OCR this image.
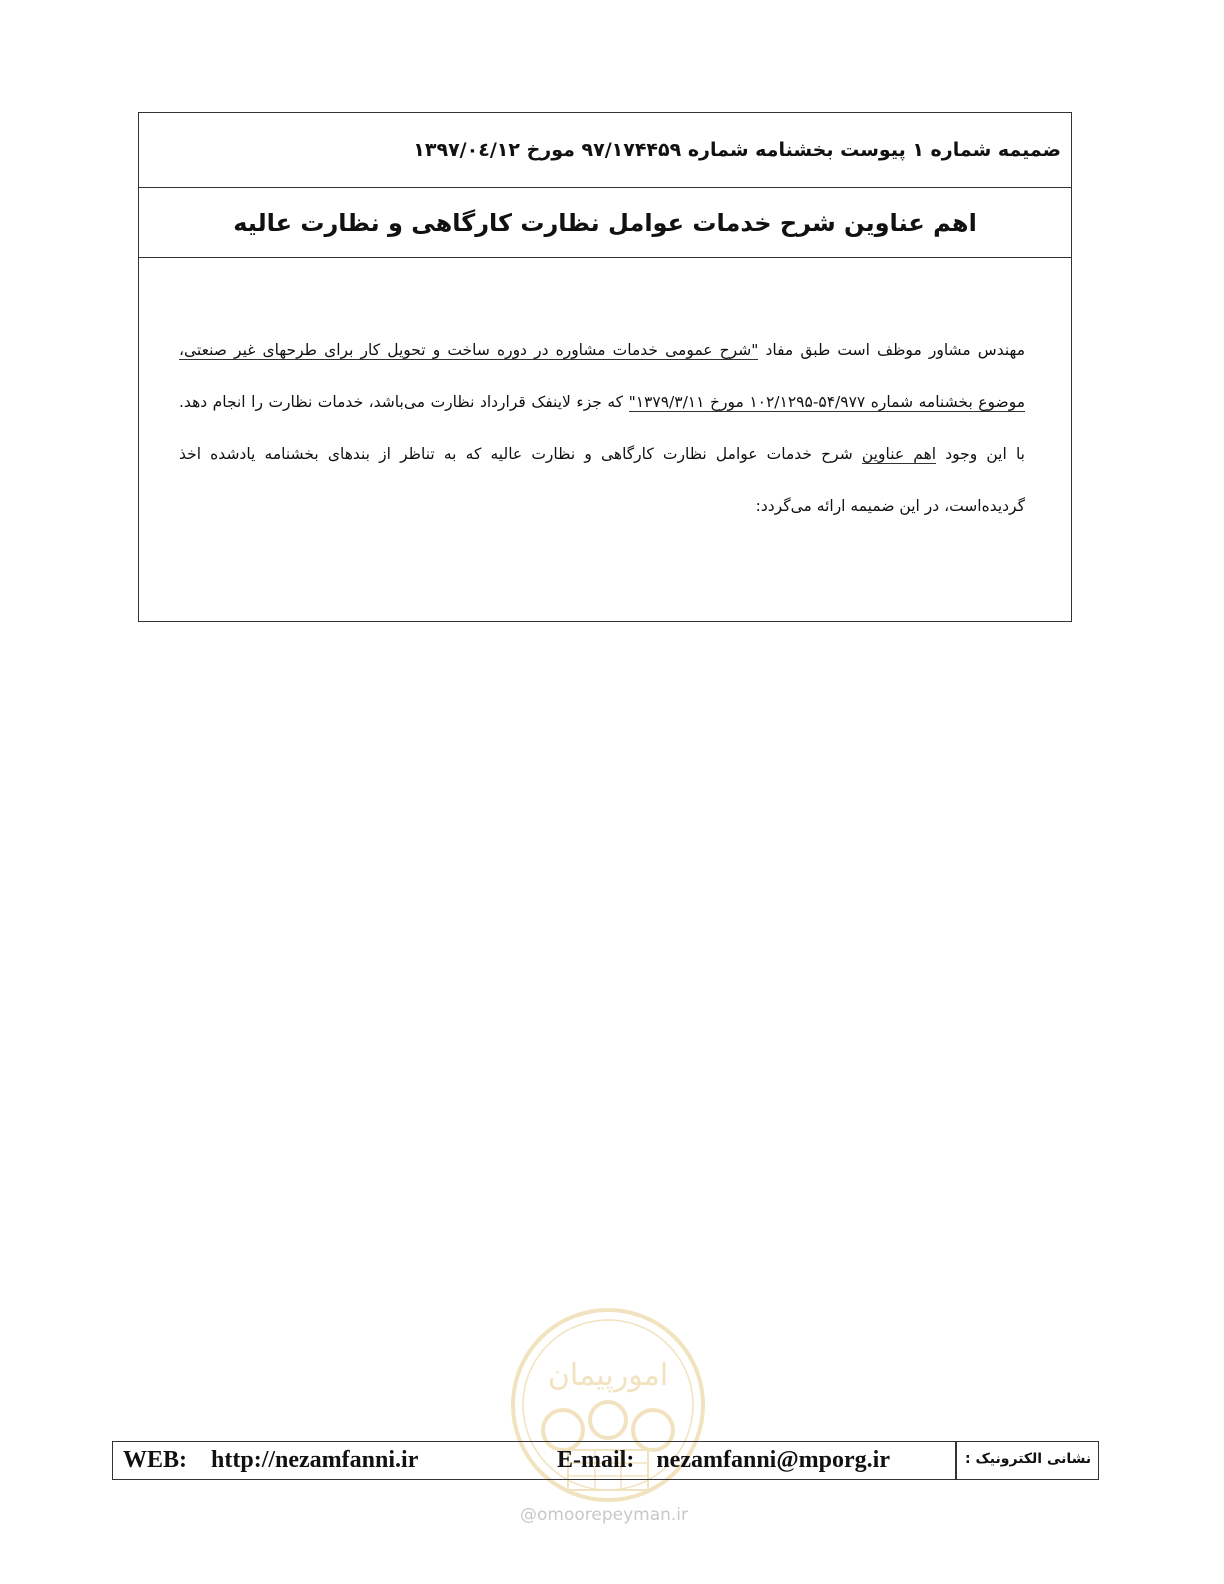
ضمیمه شماره ۱ پیوست بخشنامه شماره ۹۷/۱۷۴۴۵۹ مورخ ۱۳۹۷/۰٤/۱۲
اهم عناوین شرح خدمات عوامل نظارت کارگاهی و نظارت عالیه
مهندس مشاور موظف است طبق مفاد "شرح عمومی خدمات مشاوره در دوره ساخت و تحویل کار برای طرحهای غیر صنعتی، موضوع بخشنامه شماره ۵۴/۹۷۷-۱۰۲/۱۲۹۵ مورخ ۱۳۷۹/۳/۱۱" که جزء لاینفک قرارداد نظارت می‌باشد، خدمات نظارت را انجام دهد. با این وجود اهم عناوین شرح خدمات عوامل نظارت کارگاهی و نظارت عالیه که به تناظر از بندهای بخشنامه یادشده اخذ گردیده‌است، در این ضمیمه ارائه می‌گردد:
امورپیمان
WEB: http://nezamfanni.ir	E-mail: nezamfanni@mporg.ir	نشانی الکترونیک :
@omoorepeyman.ir
